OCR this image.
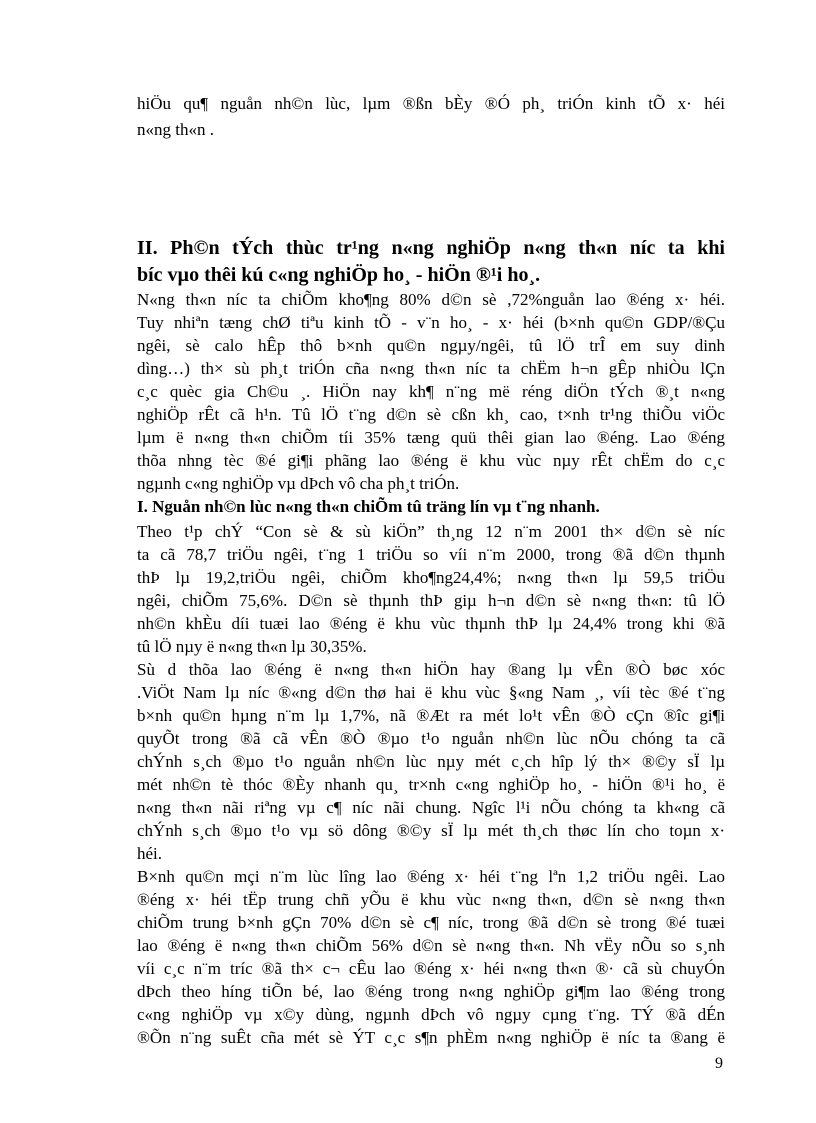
hiÖu qu¶ nguån nh©n lùc, lµm ®ßn bÈy ®Ó ph¸ triÓn kinh tÕ x· héi
n«ng th«n .
II. Ph©n tÝch thùc tr¹ng n«ng nghiÖp n«ng th«n níc ta khi
bíc vµo thêi kú c«ng nghiÖp ho¸ - hiÖn ®¹i ho¸.
N«ng th«n níc ta chiÕm kho¶ng 80% d©n sè ,72%nguån lao ®éng x· héi.
Tuy nhiªn tæng chØ tiªu kinh tÕ - v¨n ho¸ - x· héi (b×nh qu©n GDP/®Çu
ngêi, sè calo hÊp thô b×nh qu©n ngµy/ngêi, tû lÖ trÎ em suy dinh
dìng…) th× sù ph¸t triÓn cña n«ng th«n níc ta chËm h¬n gÊp nhiÒu lÇn
c¸c quèc gia Ch©u ¸. HiÖn nay kh¶ n¨ng më réng diÖn tÝch ®¸t n«ng
nghiÖp rÊt cã h¹n. Tû lÖ t¨ng d©n sè cßn kh¸ cao, t×nh tr¹ng thiÕu viÖc
lµm ë n«ng th«n chiÕm tíi 35% tæng quü thêi gian lao ®éng. Lao ®éng
thõa nhng tèc ®é gi¶i phãng lao ®éng ë khu vùc nµy rÊt chËm do c¸c
ngµnh c«ng nghiÖp vµ dÞch vô cha ph¸t triÓn.
I. Nguån nh©n lùc n«ng th«n chiÕm tû träng lín vµ t¨ng nhanh.
Theo t¹p chÝ “Con sè & sù kiÖn” th¸ng 12 n¨m 2001 th× d©n sè níc
ta cã 78,7 triÖu ngêi, t¨ng 1 triÖu so víi n¨m 2000, trong ®ã d©n thµnh
thÞ lµ 19,2,triÖu ngêi, chiÕm kho¶ng24,4%; n«ng th«n lµ 59,5 triÖu
ngêi, chiÕm 75,6%. D©n sè thµnh thÞ giµ h¬n d©n sè n«ng th«n: tû lÖ
nh©n khÈu díi tuæi lao ®éng ë khu vùc thµnh thÞ lµ 24,4% trong khi ®ã
tû lÖ nµy ë n«ng th«n lµ 30,35%.
Sù d thõa lao ®éng ë n«ng th«n hiÖn hay ®ang lµ vÊn ®Ò bøc xóc
.ViÖt Nam lµ níc ®«ng d©n thø hai ë khu vùc §«ng Nam ¸, víi tèc ®é t¨ng
b×nh qu©n hµng n¨m lµ 1,7%, nã ®Æt ra mét lo¹t vÊn ®Ò cÇn ®îc gi¶i
quyÕt trong ®ã cã vÊn ®Ò ®µo t¹o nguån nh©n lùc nÕu chóng ta cã
chÝnh s¸ch ®µo t¹o nguån nh©n lùc nµy mét c¸ch hîp lý th× ®©y sÏ lµ
mét nh©n tè thóc ®Èy nhanh qu¸ tr×nh c«ng nghiÖp ho¸ - hiÖn ®¹i ho¸ ë
n«ng th«n nãi riªng vµ c¶ níc nãi chung. Ngîc l¹i nÕu chóng ta kh«ng cã
chÝnh s¸ch ®µo t¹o vµ sö dông ®©y sÏ lµ mét th¸ch thøc lín cho toµn x·
héi.
B×nh qu©n mçi n¨m lùc lîng lao ®éng x· héi t¨ng lªn 1,2 triÖu ngêi. Lao
®éng x· héi tËp trung chñ yÕu ë khu vùc n«ng th«n, d©n sè n«ng th«n
chiÕm trung b×nh gÇn 70% d©n sè c¶ níc, trong ®ã d©n sè trong ®é tuæi
lao ®éng ë n«ng th«n chiÕm 56% d©n sè n«ng th«n. Nh vËy nÕu so s¸nh
víi c¸c n¨m tríc ®ã th× c¬ cÊu lao ®éng x· héi n«ng th«n ®· cã sù chuyÓn
dÞch theo híng tiÕn bé, lao ®éng trong n«ng nghiÖp gi¶m lao ®éng trong
c«ng nghiÖp vµ x©y dùng, ngµnh dÞch vô ngµy cµng t¨ng. TÝ ®ã dÉn
®Õn n¨ng suÊt cña mét sè ÝT c¸c s¶n phÈm n«ng nghiÖp ë níc ta ®ang ë
9
